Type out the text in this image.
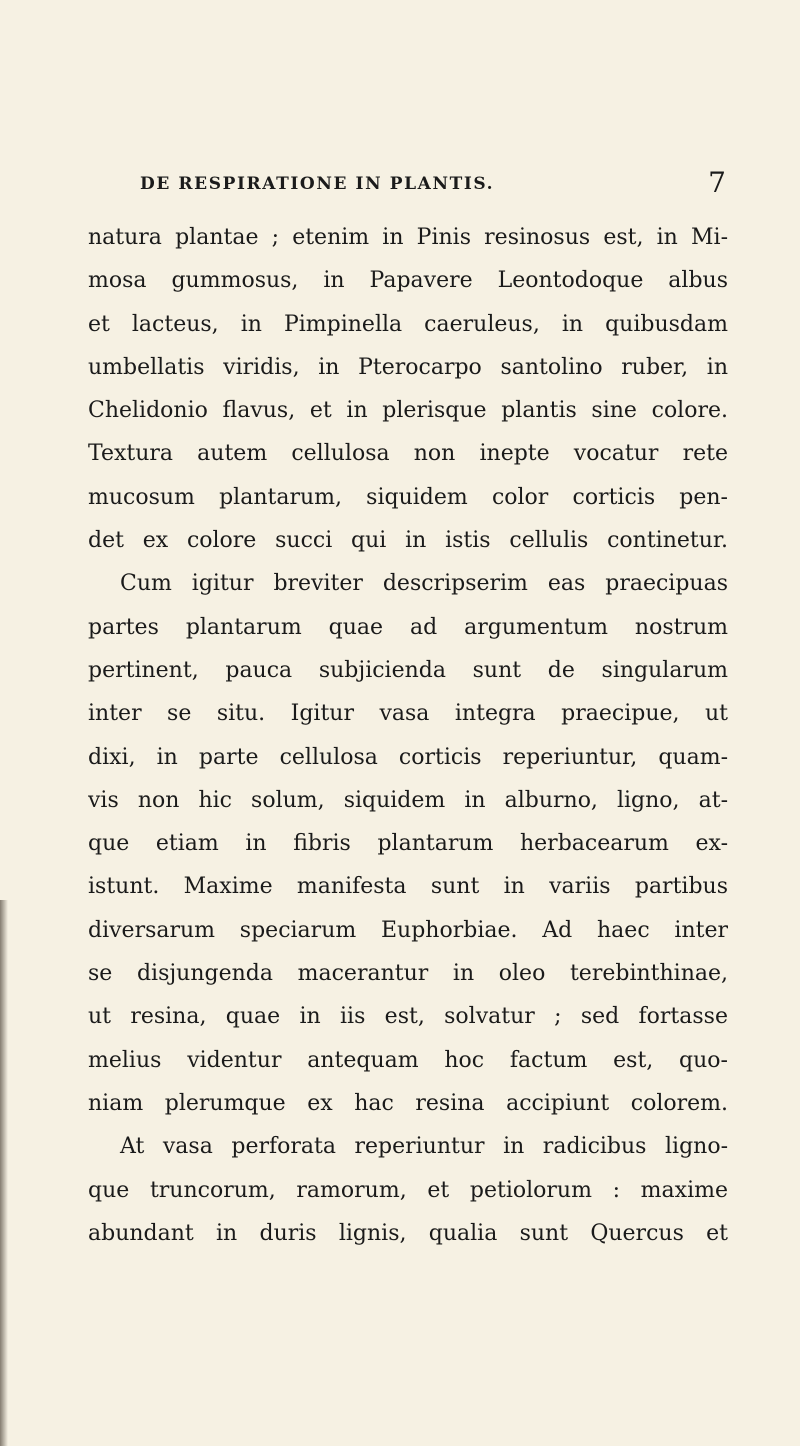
DE RESPIRATIONE IN PLANTIS.	7
natura plantae ; etenim in Pinis resinosus est, in Mi-
mosa gummosus, in Papavere Leontodoque albus
et lacteus, in Pimpinella caeruleus, in quibusdam
umbellatis viridis, in Pterocarpo santolino ruber, in
Chelidonio flavus, et in plerisque plantis sine colore.
Textura autem cellulosa non inepte vocatur rete
mucosum plantarum, siquidem color corticis pen-
det ex colore succi qui in istis cellulis continetur.
Cum igitur breviter descripserim eas praecipuas
partes plantarum quae ad argumentum nostrum
pertinent, pauca subjicienda sunt de singularum
inter se situ. Igitur vasa integra praecipue, ut
dixi, in parte cellulosa corticis reperiuntur, quam-
vis non hic solum, siquidem in alburno, ligno, at-
que etiam in fibris plantarum herbacearum ex-
istunt. Maxime manifesta sunt in variis partibus
diversarum speciarum Euphorbiae. Ad haec inter
se disjungenda macerantur in oleo terebinthinae,
ut resina, quae in iis est, solvatur ; sed fortasse
melius videntur antequam hoc factum est, quo-
niam plerumque ex hac resina accipiunt colorem.
At vasa perforata reperiuntur in radicibus ligno-
que truncorum, ramorum, et petiolorum : maxime
abundant in duris lignis, qualia sunt Quercus et
